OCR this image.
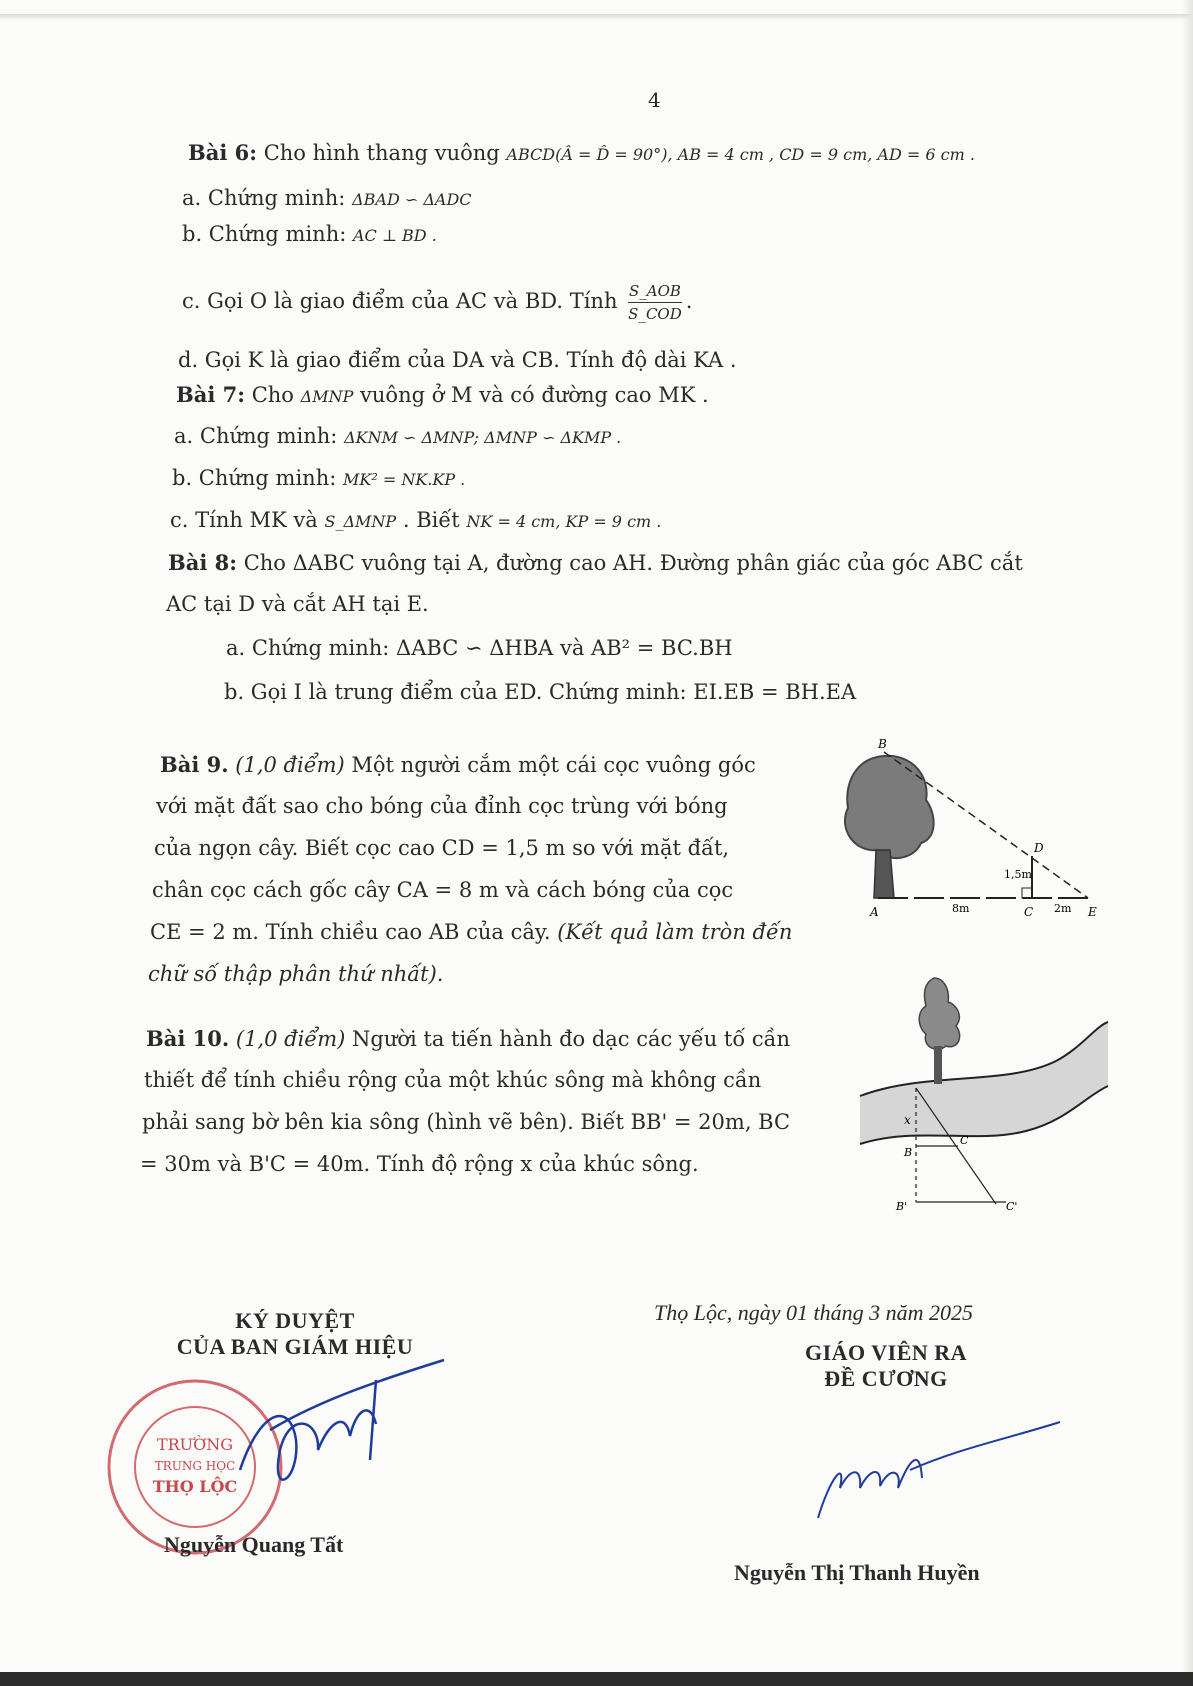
4
Bài 6: Cho hình thang vuông ABCD(Â = D̂ = 90°), AB = 4 cm , CD = 9 cm, AD = 6 cm .
a. Chứng minh: ΔBAD ∽ ΔADC
b. Chứng minh: AC ⊥ BD .
c. Gọi O là giao điểm của AC và BD. Tính $\frac{\text{S\_AOB}}{\text{S\_COD}}$ .
d. Gọi K là giao điểm của DA và CB. Tính độ dài KA .
Bài 7: Cho ΔMNP vuông ở M và có đường cao MK .
a. Chứng minh: ΔKNM ∽ ΔMNP; ΔMNP ∽ ΔKMP .
b. Chứng minh: MK² = NK.KP .
c. Tính MK và S_ΔMNP . Biết NK = 4 cm, KP = 9 cm .
Bài 8: Cho ΔABC vuông tại A, đường cao AH. Đường phân giác của góc ABC cắt
AC tại D và cắt AH tại E.
a. Chứng minh: ΔABC ∽ ΔHBA và AB² = BC.BH
b. Gọi I là trung điểm của ED. Chứng minh: EI.EB = BH.EA
Bài 9. (1,0 điểm) Một người cắm một cái cọc vuông góc
với mặt đất sao cho bóng của đỉnh cọc trùng với bóng
của ngọn cây. Biết cọc cao CD = 1,5 m so với mặt đất,
chân cọc cách gốc cây CA = 8 m và cách bóng của cọc
CE = 2 m. Tính chiều cao AB của cây. (Kết quả làm tròn đến
chữ số thập phân thứ nhất).
B
D
A	C	E
1,5m
8m	2m
Bài 10. (1,0 điểm) Người ta tiến hành đo dạc các yếu tố cần
thiết để tính chiều rộng của một khúc sông mà không cần
phải sang bờ bên kia sông (hình vẽ bên). Biết BB' = 20m, BC
= 30m và B'C = 40m. Tính độ rộng x của khúc sông.
x
B
C
B'	C'
KÝ DUYỆT
CỦA BAN GIÁM HIỆU
TRƯỜNG
TRUNG HỌC
THỌ LỘC
Nguyễn Quang Tất
Thọ Lộc, ngày 01 tháng 3 năm 2025
GIÁO VIÊN RA
ĐỀ CƯƠNG
Nguyễn Thị Thanh Huyền
